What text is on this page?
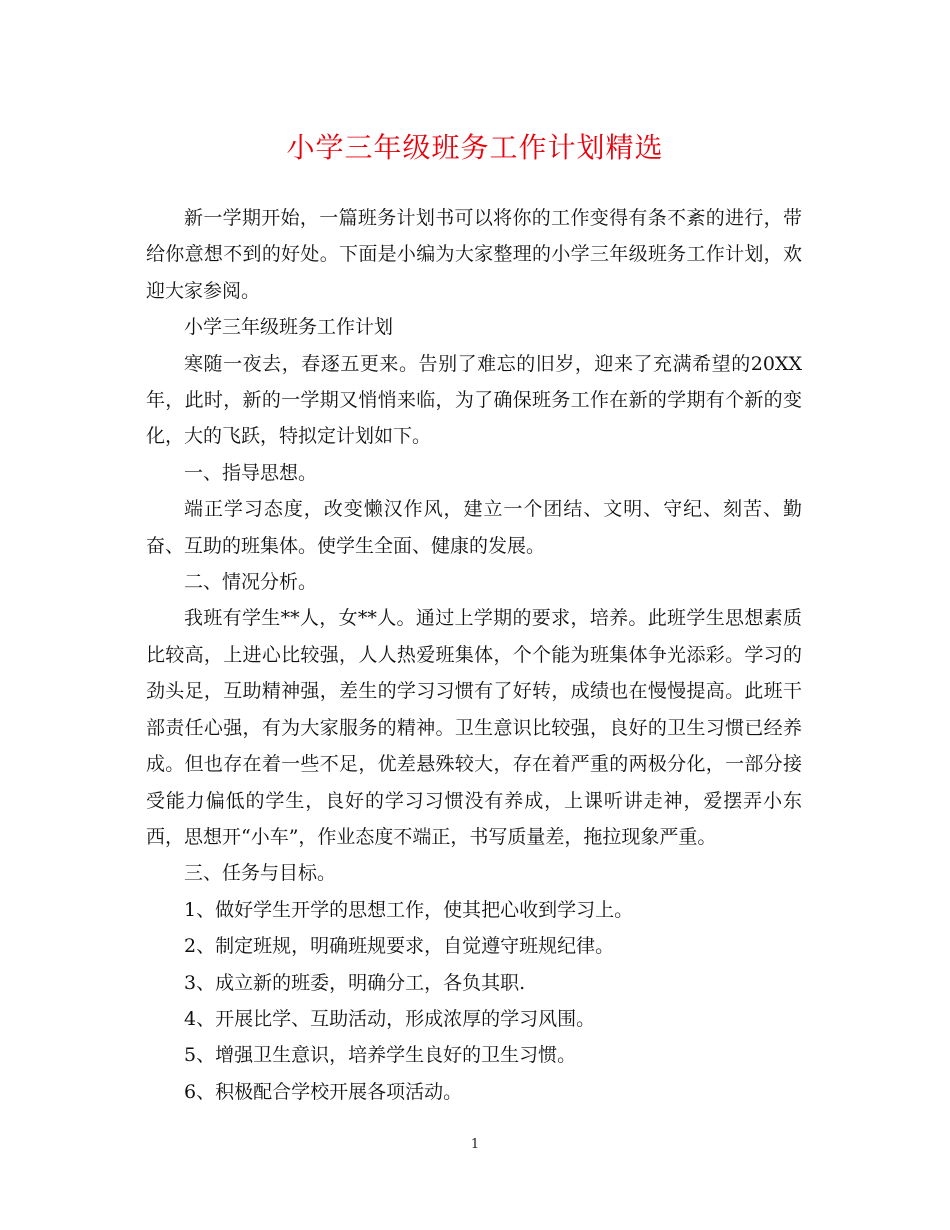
小学三年级班务工作计划精选

新一学期开始，一篇班务计划书可以将你的工作变得有条不紊的进行，带给你意想不到的好处。下面是小编为大家整理的小学三年级班务工作计划，欢迎大家参阅。

小学三年级班务工作计划

寒随一夜去，春逐五更来。告别了难忘的旧岁，迎来了充满希望的20XX年，此时，新的一学期又悄悄来临，为了确保班务工作在新的学期有个新的变化，大的飞跃，特拟定计划如下。

一、指导思想。

端正学习态度，改变懒汉作风，建立一个团结、文明、守纪、刻苦、勤奋、互助的班集体。使学生全面、健康的发展。

二、情况分析。

我班有学生**人，女**人。通过上学期的要求，培养。此班学生思想素质比较高，上进心比较强，人人热爱班集体，个个能为班集体争光添彩。学习的劲头足，互助精神强，差生的学习习惯有了好转，成绩也在慢慢提高。此班干部责任心强，有为大家服务的精神。卫生意识比较强，良好的卫生习惯已经养成。但也存在着一些不足，优差悬殊较大，存在着严重的两极分化，一部分接受能力偏低的学生，良好的学习习惯没有养成，上课听讲走神，爱摆弄小东西，思想开“小车”，作业态度不端正，书写质量差，拖拉现象严重。

三、任务与目标。

1、做好学生开学的思想工作，使其把心收到学习上。

2、制定班规，明确班规要求，自觉遵守班规纪律。

3、成立新的班委，明确分工，各负其职.

4、开展比学、互助活动，形成浓厚的学习风围。

5、增强卫生意识，培养学生良好的卫生习惯。

6、积极配合学校开展各项活动。

1
